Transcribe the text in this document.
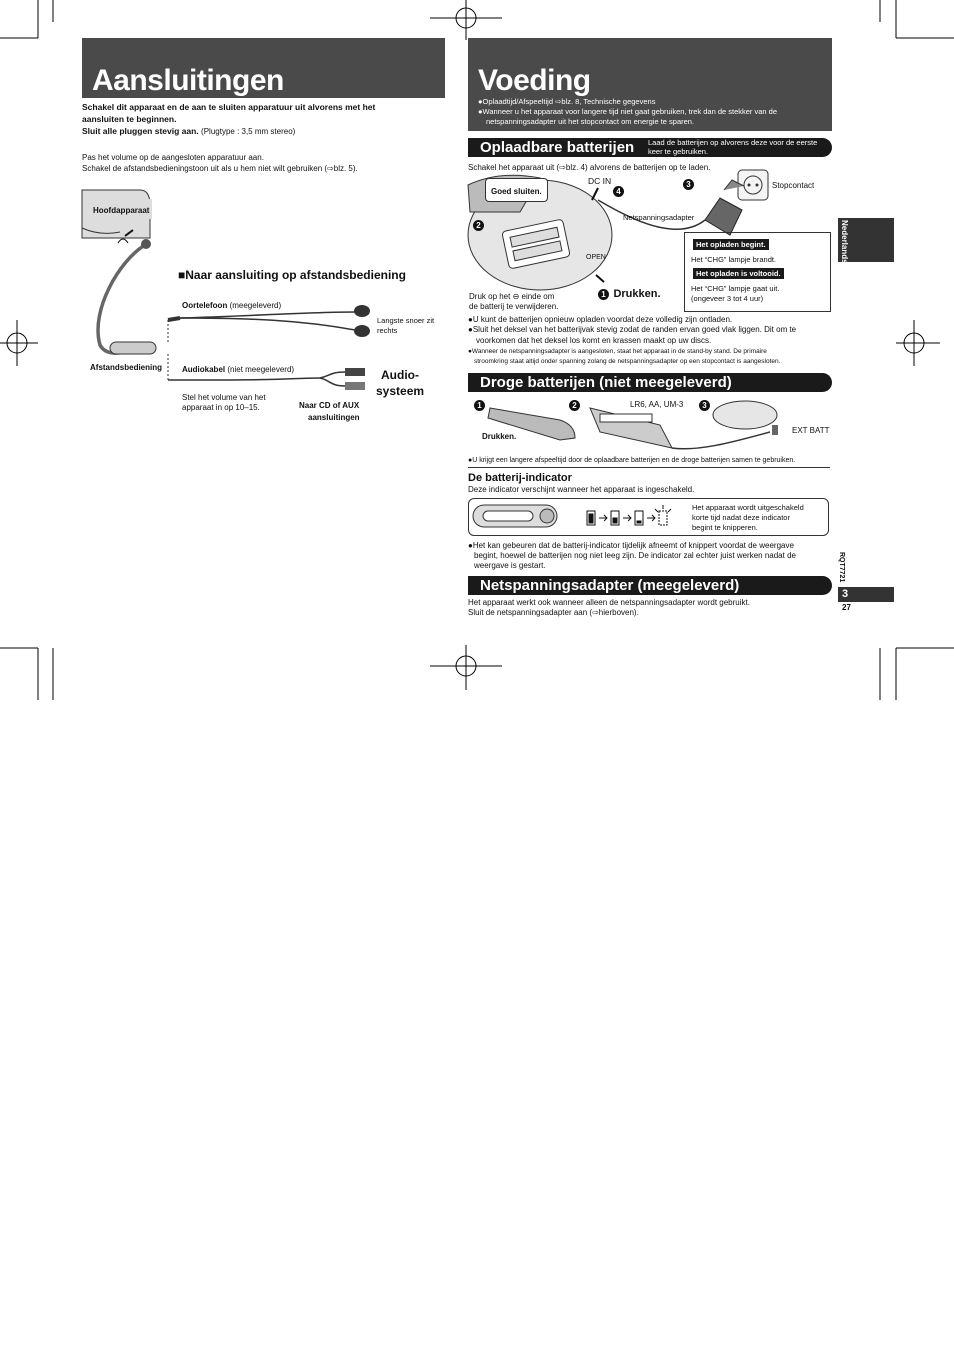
Aansluitingen
Schakel dit apparaat en de aan te sluiten apparatuur uit alvorens met het
aansluiten te beginnen.
Sluit alle pluggen stevig aan. (Plugtype : 3,5 mm stereo)
Pas het volume op de aangesloten apparatuur aan.
Schakel de afstandsbedieningstoon uit als u hem niet wilt gebruiken (⇨blz. 5).
Hoofdapparaat
■Naar aansluiting op afstandsbediening
Oortelefoon (meegeleverd)
Langste snoer zit rechts
Afstandsbediening Audiokabel (niet meegeleverd)	Audio-
systeem
Stel het volume van het
apparaat in op 10–15.	Naar CD of AUX
aansluitingen
Voeding
●Oplaadtijd/Afspeeltijd ⇨blz. 8, Technische gegevens
●Wanneer u het apparaat voor langere tijd niet gaat gebruiken, trek dan de stekker van de
netspanningsadapter uit het stopcontact om energie te sparen.
Oplaadbare batterijen	Laad de batterijen op alvorens deze voor de eerste keer te gebruiken.
Schakel het apparaat uit (⇨blz. 4) alvorens de batterijen op te laden.
Goed sluiten.
DC IN
4
3
2
Stopcontact
Netspanningsadapter
OPEN
1 Drukken.
Druk op het ⊖ einde om
de batterij te verwijderen.
Het opladen begint.
Het “CHG” lampje brandt.
Het opladen is voltooid.
Het “CHG” lampje gaat uit.
(ongeveer 3 tot 4 uur)
●U kunt de batterijen opnieuw opladen voordat deze volledig zijn ontladen.
●Sluit het deksel van het batterijvak stevig zodat de randen ervan goed vlak liggen. Dit om te
voorkomen dat het deksel los komt en krassen maakt op uw discs.
●Wanneer de netspanningsadapter is aangesloten, staat het apparaat in de stand-by stand. De primaire
stroomkring staat altijd onder spanning zolang de netspanningsadapter op een stopcontact is aangesloten.
Droge batterijen (niet meegeleverd)
1	2	3
LR6, AA, UM-3
Drukken.
EXT BATT
●U krijgt een langere afspeeltijd door de oplaadbare batterijen en de droge batterijen samen te gebruiken.
De batterij-indicator
Deze indicator verschijnt wanneer het apparaat is ingeschakeld.
Het apparaat wordt uitgeschakeld
korte tijd nadat deze indicator
begint te knipperen.
●Het kan gebeuren dat de batterij-indicator tijdelijk afneemt of knippert voordat de weergave
begint, hoewel de batterijen nog niet leeg zijn. De indicator zal echter juist werken nadat de
weergave is gestart.
Netspanningsadapter (meegeleverd)
Het apparaat werkt ook wanneer alleen de netspanningsadapter wordt gebruikt.
Sluit de netspanningsadapter aan (⇨hierboven).
Nederlands
RQT7721
3
27
